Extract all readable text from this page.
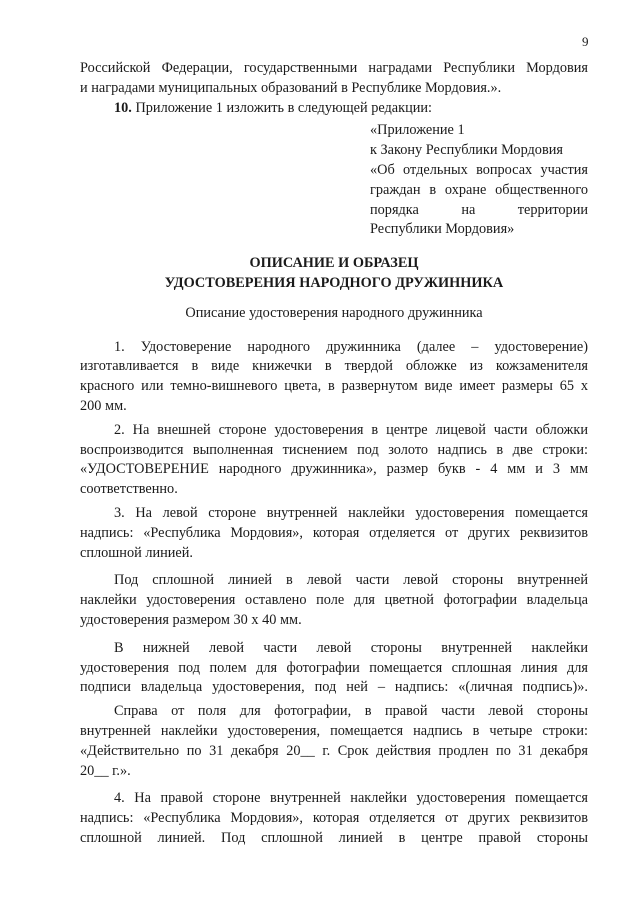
9

Российской Федерации, государственными наградами Республики Мордовия
и наградами муниципальных образований в Республике Мордовия.».

10. Приложение 1 изложить в следующей редакции:

«Приложение 1
к Закону Республики Мордовия
«Об отдельных вопросах участия
граждан в охране общественного
порядка на территории
Республики Мордовия»
ОПИСАНИЕ И ОБРАЗЕЦ
УДОСТОВЕРЕНИЯ НАРОДНОГО ДРУЖИННИКА
Описание удостоверения народного дружинника

1. Удостоверение народного дружинника (далее – удостоверение)
изготавливается в виде книжечки в твердой обложке из кожзаменителя
красного или темно-вишневого цвета, в развернутом виде имеет размеры 65 х
200 мм.

2. На внешней стороне удостоверения в центре лицевой части обложки
воспроизводится выполненная тиснением под золото надпись в две строки:
«УДОСТОВЕРЕНИЕ народного дружинника», размер букв - 4 мм и 3 мм
соответственно.

3. На левой стороне внутренней наклейки удостоверения помещается
надпись: «Республика Мордовия», которая отделяется от других реквизитов
сплошной линией.

Под сплошной линией в левой части левой стороны внутренней
наклейки удостоверения оставлено поле для цветной фотографии владельца
удостоверения размером 30 х 40 мм.

В нижней левой части левой стороны внутренней наклейки
удостоверения под полем для фотографии помещается сплошная линия для
подписи владельца удостоверения, под ней – надпись: «(личная подпись)».

Справа от поля для фотографии, в правой части левой стороны
внутренней наклейки удостоверения, помещается надпись в четыре строки:
«Действительно по 31 декабря 20__ г. Срок действия продлен по 31 декабря
20__ г.».

4. На правой стороне внутренней наклейки удостоверения помещается
надпись: «Республика Мордовия», которая отделяется от других реквизитов
сплошной линией. Под сплошной линией в центре правой стороны
